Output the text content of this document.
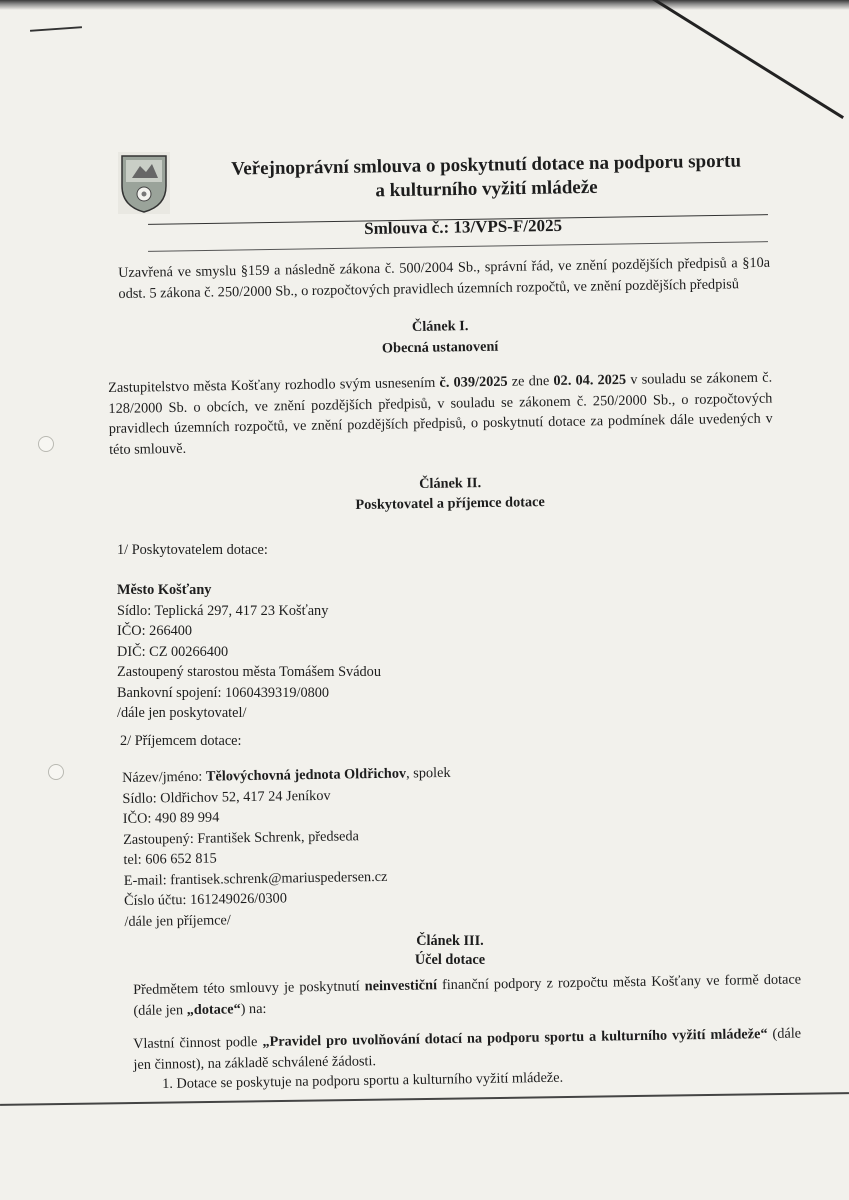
Veřejnoprávní smlouva o poskytnutí dotace na podporu sportu
a kulturního vyžití mládeže
Smlouva č.: 13/VPS-F/2025
Uzavřená ve smyslu §159 a následně zákona č. 500/2004 Sb., správní řád, ve znění pozdějších předpisů a §10a odst. 5 zákona č. 250/2000 Sb., o rozpočtových pravidlech územních rozpočtů, ve znění pozdějších předpisů
Článek I.
Obecná ustanovení
Zastupitelstvo města Košťany rozhodlo svým usnesením č. 039/2025 ze dne 02. 04. 2025 v souladu se zákonem č. 128/2000 Sb. o obcích, ve znění pozdějších předpisů, v souladu se zákonem č. 250/2000 Sb., o rozpočtových pravidlech územních rozpočtů, ve znění pozdějších předpisů, o poskytnutí dotace za podmínek dále uvedených v této smlouvě.
Článek II.
Poskytovatel a příjemce dotace
1/ Poskytovatelem dotace:
Město Košťany
Sídlo: Teplická 297, 417 23 Košťany
IČO: 266400
DIČ: CZ 00266400
Zastoupený starostou města Tomášem Svádou
Bankovní spojení: 1060439319/0800
/dále jen poskytovatel/
2/ Příjemcem dotace:
Název/jméno: Tělovýchovná jednota Oldřichov, spolek
Sídlo: Oldřichov 52, 417 24 Jeníkov
IČO: 490 89 994
Zastoupený: František Schrenk, předseda
tel: 606 652 815
E-mail: frantisek.schrenk@mariuspedersen.cz
Číslo účtu: 161249026/0300
/dále jen příjemce/
Článek III.
Účel dotace
Předmětem této smlouvy je poskytnutí neinvestiční finanční podpory z rozpočtu města Košťany ve formě dotace (dále jen „dotace“) na:
Vlastní činnost podle „Pravidel pro uvolňování dotací na podporu sportu a kulturního vyžití mládeže“ (dále jen činnost), na základě schválené žádosti.
1. Dotace se poskytuje na podporu sportu a kulturního vyžití mládeže.
